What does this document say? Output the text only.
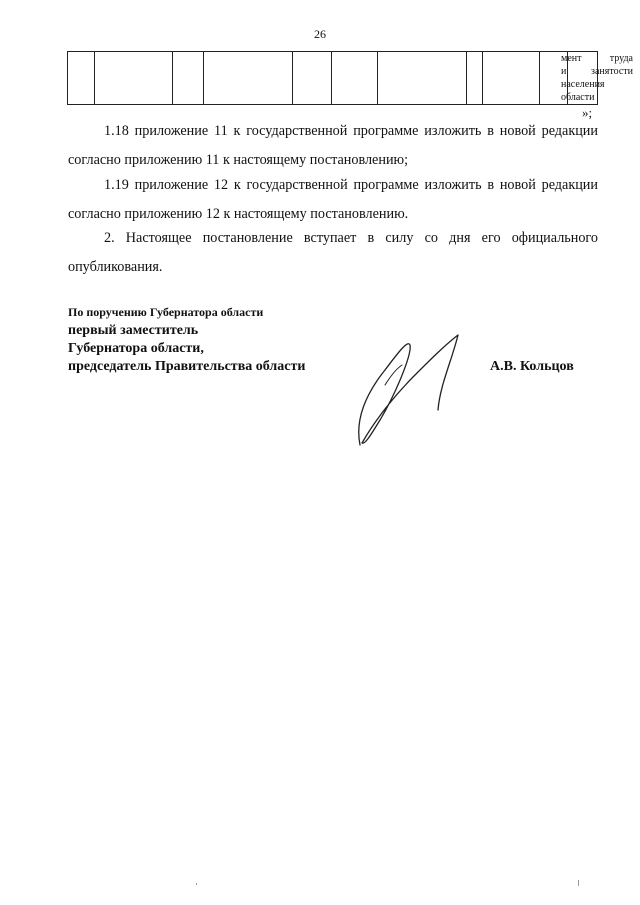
26

мент труда
и занятости
населения
области
»;
1.18 приложение 11 к государственной программе изложить в новой редакции согласно приложению 11 к настоящему постановлению;
1.19 приложение 12 к государственной программе изложить в новой редакции согласно приложению 12 к настоящему постановлению.
2. Настоящее постановление вступает в силу со дня его официального опубликования.
По поручению Губернатора области
первый заместитель
Губернатора области,
председатель Правительства области	А.В. Кольцов
